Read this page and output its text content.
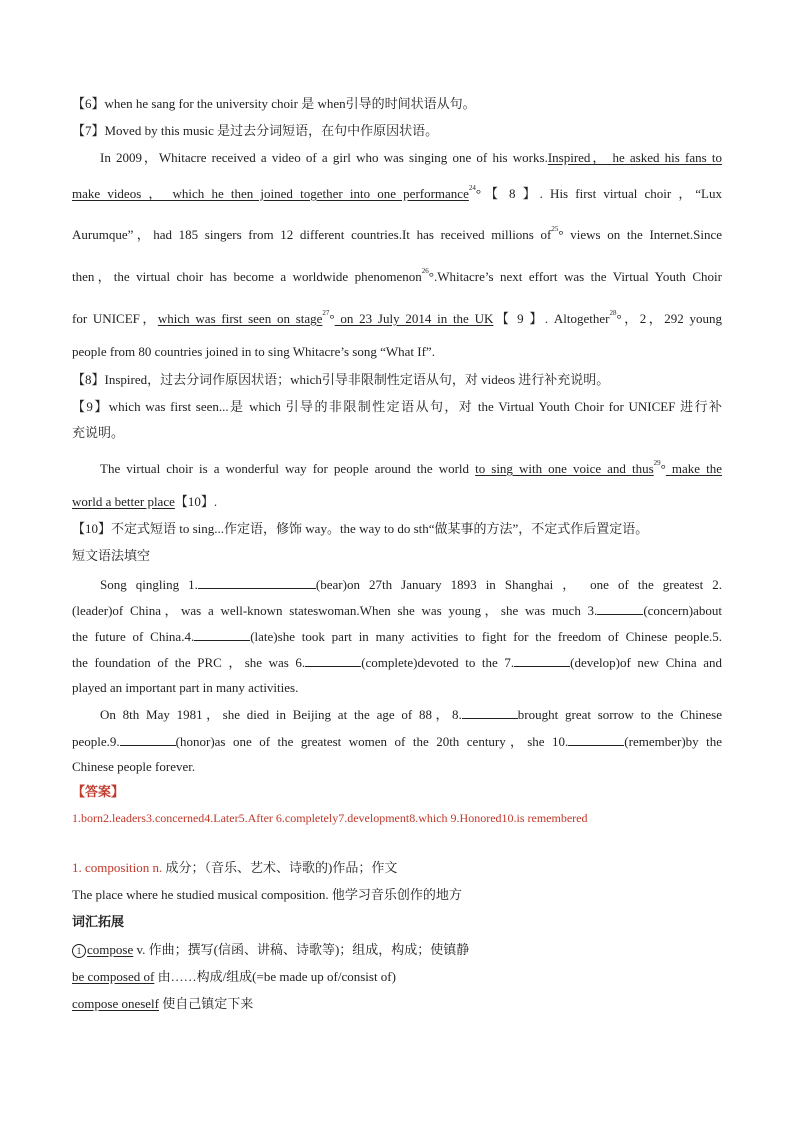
【6】when he sang for the university choir 是 when引导的时间状语从句。
【7】Moved by this music 是过去分词短语，在句中作原因状语。
In 2009，Whitacre received a video of a girl who was singing one of his works.Inspired， he asked his fans to
make videos ， which he then joined together into one performance$^{24}$°【 8 】. His first virtual choir ，“Lux
Aurumque”，had 185 singers from 12 different countries.It has received millions $of^{25}^\circ$ views on the Internet.Since
then，the virtual choir has become a worldwide phenomenon$^{26}$°.Whitacre’s next effort was the Virtual Youth Choir
for UNICEF，which was first seen on stage$^{27}$° on 23 July 2014 in the UK【 9 】. Altogether$^{28}$°，2，292 young
people from 80 countries joined in to sing Whitacre’s song “What If”.
【8】Inspired，过去分词作原因状语；which引导非限制性定语从句，对 videos 进行补充说明。
【9】which was first seen...是 which 引导的非限制性定语从句，对 the Virtual Youth Choir for UNICEF 进行补
充说明。
The virtual choir is a wonderful way for people around the world to sing with one voice and thus$^{29}$° make the
world a better place【10】.
【10】不定式短语 to sing...作定语，修饰 way。the way to do sth“做某事的方法”，不定式作后置定语。
短文语法填空
Song qingling 1.	(bear)on 27th January 1893 in Shanghai ， one of the greatest 2.
(leader)of China，was a well-known stateswoman.When she was young，she was much 3.	(concern)about
the future of China.4.	(late)she took part in many activities to fight for the freedom of Chinese people.5.
the foundation of the PRC ，she was 6.	(complete)devoted to the 7.	(develop)of new China and
played an important part in many activities.
On 8th May 1981，she died in Beijing at the age of 88，8.	brought great sorrow to the Chinese
people.9.	(honor)as one of the greatest women of the 20th century，she 10.	(remember)by the
Chinese people forever.
【答案】
1.born2.leaders3.concerned4.Later5.After 6.completely7.development8.which 9.Honored10.is remembered
1. composition n. 成分；（音乐、艺术、诗歌的)作品；作文
The place where he studied musical composition. 他学习音乐创作的地方
词汇拓展
1 compose v. 作曲；撰写(信函、讲稿、诗歌等)；组成，构成；使镇静
be composed of 由……构成/组成(=be made up of/consist of)
compose oneself 使自己镇定下来
